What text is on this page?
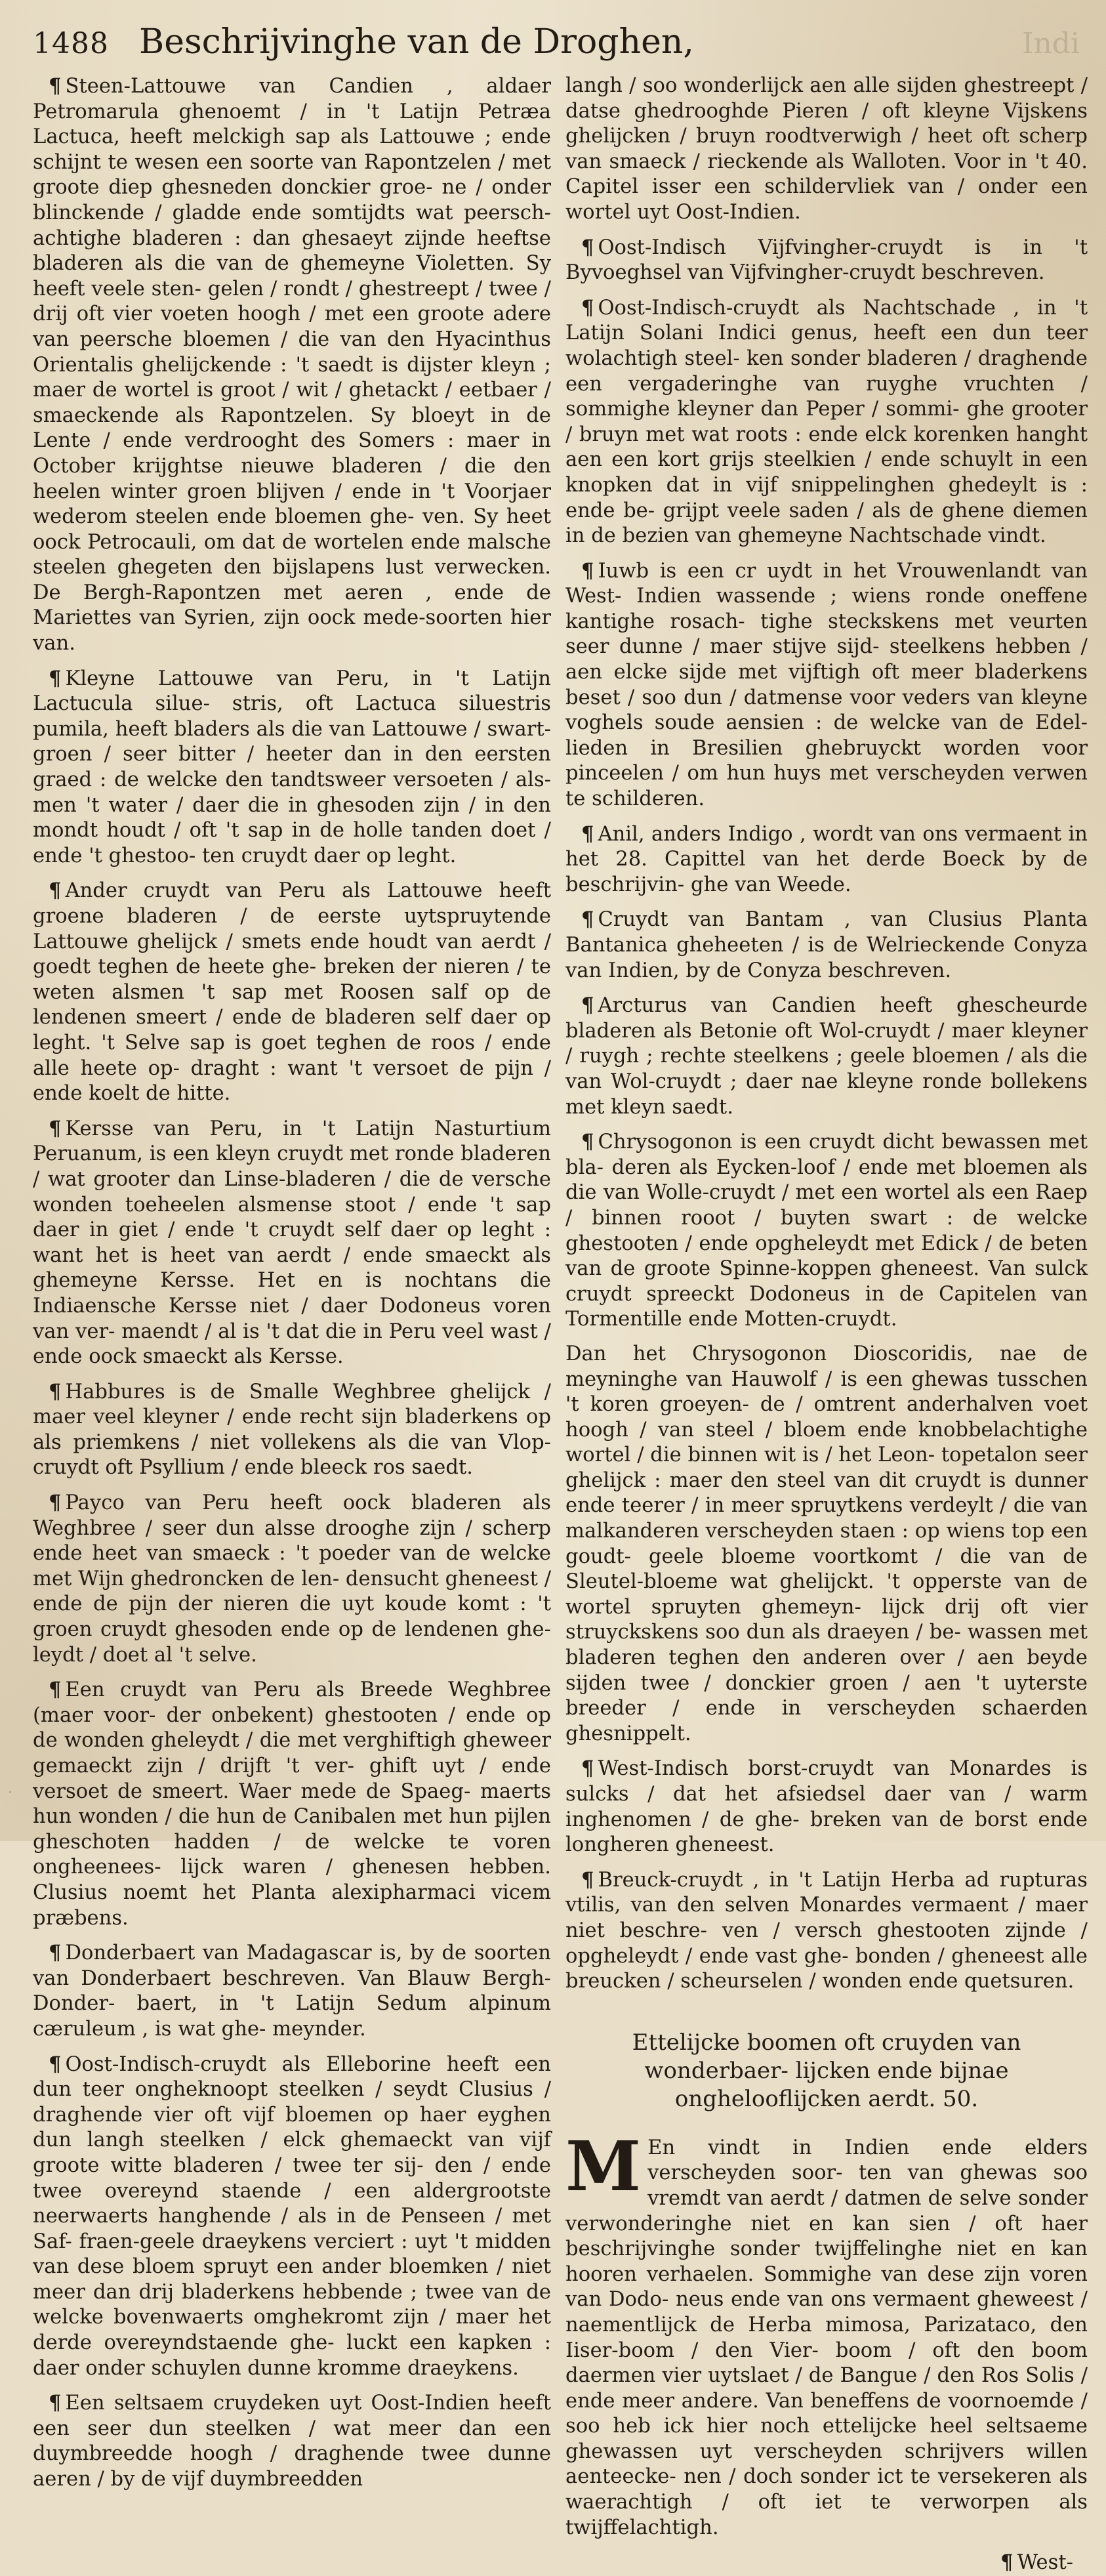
1488 Beschrijvinghe van de Droghen,	Indi

¶ Steen-Lattouwe van Candien , aldaer Petromarula ghenoemt / in 't Latijn Petræa Lactuca, heeft melckigh sap als Lattouwe ; ende schijnt te wesen een soorte van Rapontzelen / met groote diep ghesneden donckier groe- ne / onder blinckende / gladde ende somtijdts wat peersch- achtighe bladeren : dan ghesaeyt zijnde heeftse bladeren als die van de ghemeyne Violetten. Sy heeft veele sten- gelen / rondt / ghestreept / twee / drij oft vier voeten hoogh / met een groote adere van peersche bloemen / die van den Hyacinthus Orientalis ghelijckende : 't saedt is dijster kleyn ; maer de wortel is groot / wit / ghetackt / eetbaer / smaeckende als Rapontzelen. Sy bloeyt in de Lente / ende verdrooght des Somers : maer in October krijghtse nieuwe bladeren / die den heelen winter groen blijven / ende in 't Voorjaer wederom steelen ende bloemen ghe- ven. Sy heet oock Petrocauli, om dat de wortelen ende malsche steelen ghegeten den bijslapens lust verwecken. De Bergh-Rapontzen met aeren , ende de Mariettes van Syrien, zijn oock mede-soorten hier van.

¶ Kleyne Lattouwe van Peru, in 't Latijn Lactucula silue- stris, oft Lactuca siluestris pumila, heeft bladers als die van Lattouwe / swart-groen / seer bitter / heeter dan in den eersten graed : de welcke den tandtsweer versoeten / als- men 't water / daer die in ghesoden zijn / in den mondt houdt / oft 't sap in de holle tanden doet / ende 't ghestoo- ten cruydt daer op leght.

¶ Ander cruydt van Peru als Lattouwe heeft groene bladeren / de eerste uytspruytende Lattouwe ghelijck / smets ende houdt van aerdt / goedt teghen de heete ghe- breken der nieren / te weten alsmen 't sap met Roosen salf op de lendenen smeert / ende de bladeren self daer op leght. 't Selve sap is goet teghen de roos / ende alle heete op- draght : want 't versoet de pijn / ende koelt de hitte.

¶ Kersse van Peru, in 't Latijn Nasturtium Peruanum, is een kleyn cruydt met ronde bladeren / wat grooter dan Linse-bladeren / die de versche wonden toeheelen alsmense stoot / ende 't sap daer in giet / ende 't cruydt self daer op leght : want het is heet van aerdt / ende smaeckt als ghemeyne Kersse. Het en is nochtans die Indiaensche Kersse niet / daer Dodoneus voren van ver- maendt / al is 't dat die in Peru veel wast / ende oock smaeckt als Kersse.

¶ Habbures is de Smalle Weghbree ghelijck / maer veel kleyner / ende recht sijn bladerkens op als priemkens / niet vollekens als die van Vlop-cruydt oft Psyllium / ende bleeck ros saedt.

¶ Payco van Peru heeft oock bladeren als Weghbree / seer dun alsse drooghe zijn / scherp ende heet van smaeck : 't poeder van de welcke met Wijn ghedroncken de len- densucht gheneest / ende de pijn der nieren die uyt koude komt : 't groen cruydt ghesoden ende op de lendenen ghe- leydt / doet al 't selve.

¶ Een cruydt van Peru als Breede Weghbree (maer voor- der onbekent) ghestooten / ende op de wonden gheleydt / die met verghiftigh gheweer gemaeckt zijn / drijft 't ver- ghift uyt / ende versoet de smeert. Waer mede de Spaeg- maerts hun wonden / die hun de Canibalen met hun pijlen gheschoten hadden / de welcke te voren ongheenees- lijck waren / ghenesen hebben. Clusius noemt het Planta alexipharmaci vicem præbens.

¶ Donderbaert van Madagascar is, by de soorten van Donderbaert beschreven. Van Blauw Bergh-Donder- baert, in 't Latijn Sedum alpinum cæruleum , is wat ghe- meynder.

¶ Oost-Indisch-cruydt als Elleborine heeft een dun teer ongheknoopt steelken / seydt Clusius / draghende vier oft vijf bloemen op haer eyghen dun langh steelken / elck ghemaeckt van vijf groote witte bladeren / twee ter sij- den / ende twee overeynd staende / een aldergrootste neerwaerts hanghende / als in de Penseen / met Saf- fraen-geele draeykens verciert : uyt 't midden van dese bloem spruyt een ander bloemken / niet meer dan drij bladerkens hebbende ; twee van de welcke bovenwaerts omghekromt zijn / maer het derde overeyndstaende ghe- luckt een kapken : daer onder schuylen dunne kromme draeykens.

¶ Een seltsaem cruydeken uyt Oost-Indien heeft een seer dun steelken / wat meer dan een duymbreedde hoogh / draghende twee dunne aeren / by de vijf duymbreedden

langh / soo wonderlijck aen alle sijden ghestreept / datse ghedrooghde Pieren / oft kleyne Vijskens ghelijcken / bruyn roodtverwigh / heet oft scherp van smaeck / rieckende als Walloten. Voor in 't 40. Capitel isser een schildervliek van / onder een wortel uyt Oost-Indien.

¶ Oost-Indisch Vijfvingher-cruydt is in 't Byvoeghsel van Vijfvingher-cruydt beschreven.

¶ Oost-Indisch-cruydt als Nachtschade , in 't Latijn Solani Indici genus, heeft een dun teer wolachtigh steel- ken sonder bladeren / draghende een vergaderinghe van ruyghe vruchten / sommighe kleyner dan Peper / sommi- ghe grooter / bruyn met wat roots : ende elck korenken hanght aen een kort grijs steelkien / ende schuylt in een knopken dat in vijf snippelinghen ghedeylt is : ende be- grijpt veele saden / als de ghene diemen in de bezien van ghemeyne Nachtschade vindt.

¶ Iuwb is een cr uydt in het Vrouwenlandt van West- Indien wassende ; wiens ronde oneffene kantighe rosach- tighe steckskens met veurten seer dunne / maer stijve sijd- steelkens hebben / aen elcke sijde met vijftigh oft meer bladerkens beset / soo dun / datmense voor veders van kleyne voghels soude aensien : de welcke van de Edel- lieden in Bresilien ghebruyckt worden voor pinceelen / om hun huys met verscheyden verwen te schilderen.

¶ Anil, anders Indigo , wordt van ons vermaent in het 28. Capittel van het derde Boeck by de beschrijvin- ghe van Weede.

¶ Cruydt van Bantam , van Clusius Planta Bantanica gheheeten / is de Welrieckende Conyza van Indien, by de Conyza beschreven.

¶ Arcturus van Candien heeft ghescheurde bladeren als Betonie oft Wol-cruydt / maer kleyner / ruygh ; rechte steelkens ; geele bloemen / als die van Wol-cruydt ; daer nae kleyne ronde bollekens met kleyn saedt.

¶ Chrysogonon is een cruydt dicht bewassen met bla- deren als Eycken-loof / ende met bloemen als die van Wolle-cruydt / met een wortel als een Raep / binnen rooot / buyten swart : de welcke ghestooten / ende opgheleydt met Edick / de beten van de groote Spinne-koppen gheneest. Van sulck cruydt spreeckt Dodoneus in de Capitelen van Tormentille ende Motten-cruydt.

Dan het Chrysogonon Dioscoridis, nae de meyninghe van Hauwolf / is een ghewas tusschen 't koren groeyen- de / omtrent anderhalven voet hoogh / van steel / bloem ende knobbelachtighe wortel / die binnen wit is / het Leon- topetalon seer ghelijck : maer den steel van dit cruydt is dunner ende teerer / in meer spruytkens verdeylt / die van malkanderen verscheyden staen : op wiens top een goudt- geele bloeme voortkomt / die van de Sleutel-bloeme wat ghelijckt. 't opperste van de wortel spruyten ghemeyn- lijck drij oft vier struyckskens soo dun als draeyen / be- wassen met bladeren teghen den anderen over / aen beyde sijden twee / donckier groen / aen 't uyterste breeder / ende in verscheyden schaerden ghesnippelt.

¶ West-Indisch borst-cruydt van Monardes is sulcks / dat het afsiedsel daer van / warm inghenomen / de ghe- breken van de borst ende longheren gheneest.

¶ Breuck-cruydt , in 't Latijn Herba ad rupturas vtilis, van den selven Monardes vermaent / maer niet beschre- ven / versch ghestooten zijnde / opgheleydt / ende vast ghe- bonden / gheneest alle breucken / scheurselen / wonden ende quetsuren.

Ettelijcke boomen oft cruyden van wonderbaer- lijcken ende bijnae onghelooflijcken aerdt. 50.

M En vindt in Indien ende elders verscheyden soor- ten van ghewas soo vremdt van aerdt / datmen de selve sonder verwonderinghe niet en kan sien / oft haer beschrijvinghe sonder twijffelinghe niet en kan hooren verhaelen. Sommighe van dese zijn voren van Dodo- neus ende van ons vermaent gheweest / naementlijck de Herba mimosa, Parizataco, den Iiser-boom / den Vier- boom / oft den boom daermen vier uytslaet / de Bangue / den Ros Solis / ende meer andere. Van beneffens de voornoemde / soo heb ick hier noch ettelijcke heel seltsaeme ghewassen uyt verscheyden schrijvers willen aenteecke- nen / doch sonder ict te versekeren als waerachtigh / oft iet te verworpen als twijffelachtigh.

¶ West-
·
